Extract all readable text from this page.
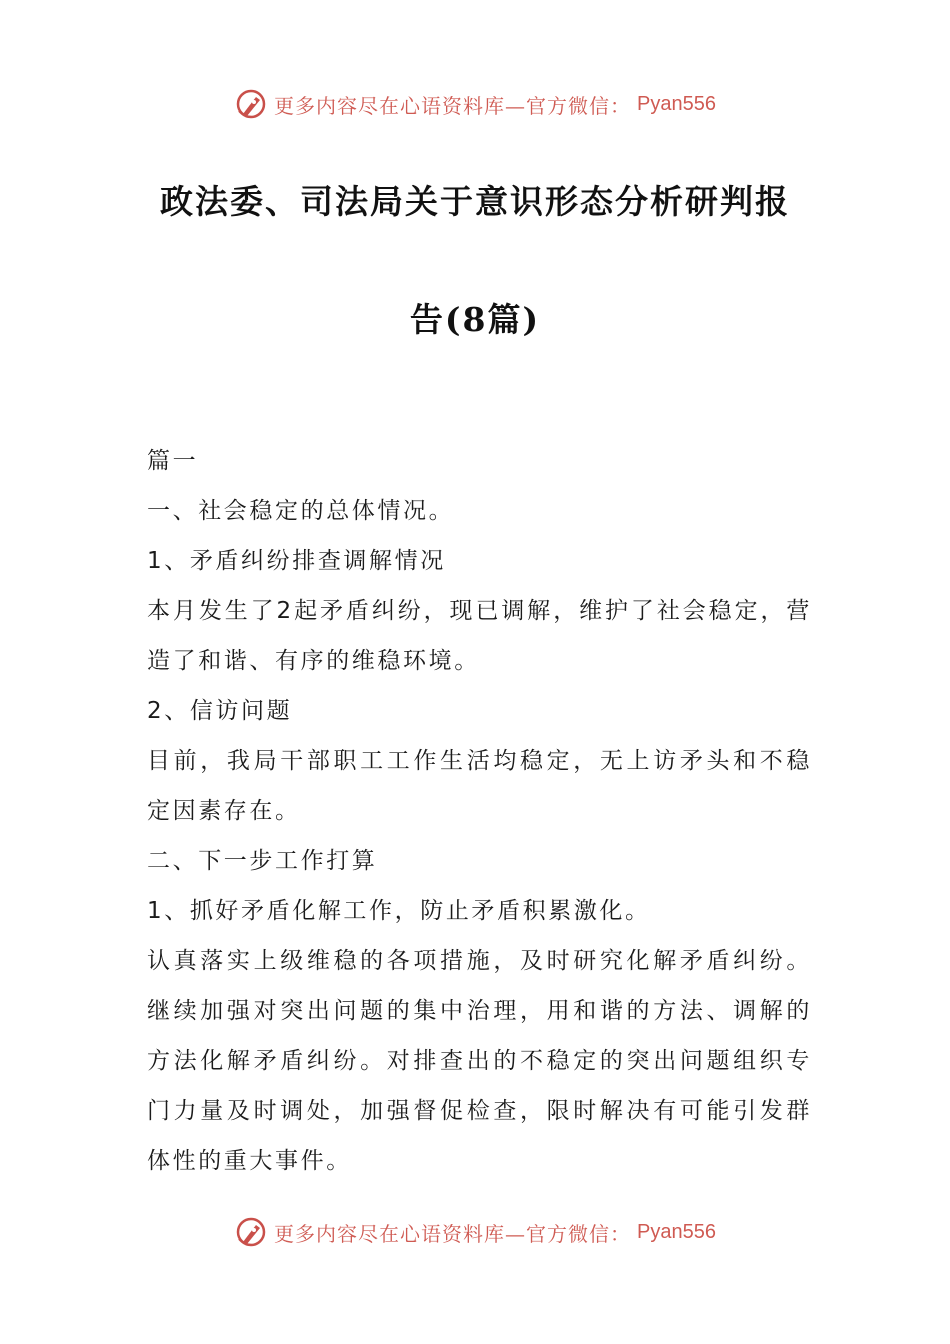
更多内容尽在心语资料库—官方微信： Pyan556
政法委、司法局关于意识形态分析研判报
告(8篇)

篇一

一、社会稳定的总体情况。

1、矛盾纠纷排查调解情况

本月发生了2起矛盾纠纷，现已调解，维护了社会稳定，营造了和谐、有序的维稳环境。

2、信访问题

目前，我局干部职工工作生活均稳定，无上访矛头和不稳定因素存在。

二、下一步工作打算

1、抓好矛盾化解工作，防止矛盾积累激化。

认真落实上级维稳的各项措施，及时研究化解矛盾纠纷。继续加强对突出问题的集中治理，用和谐的方法、调解的方法化解矛盾纠纷。对排查出的不稳定的突出问题组织专门力量及时调处，加强督促检查，限时解决有可能引发群体性的重大事件。

更多内容尽在心语资料库—官方微信： Pyan556
